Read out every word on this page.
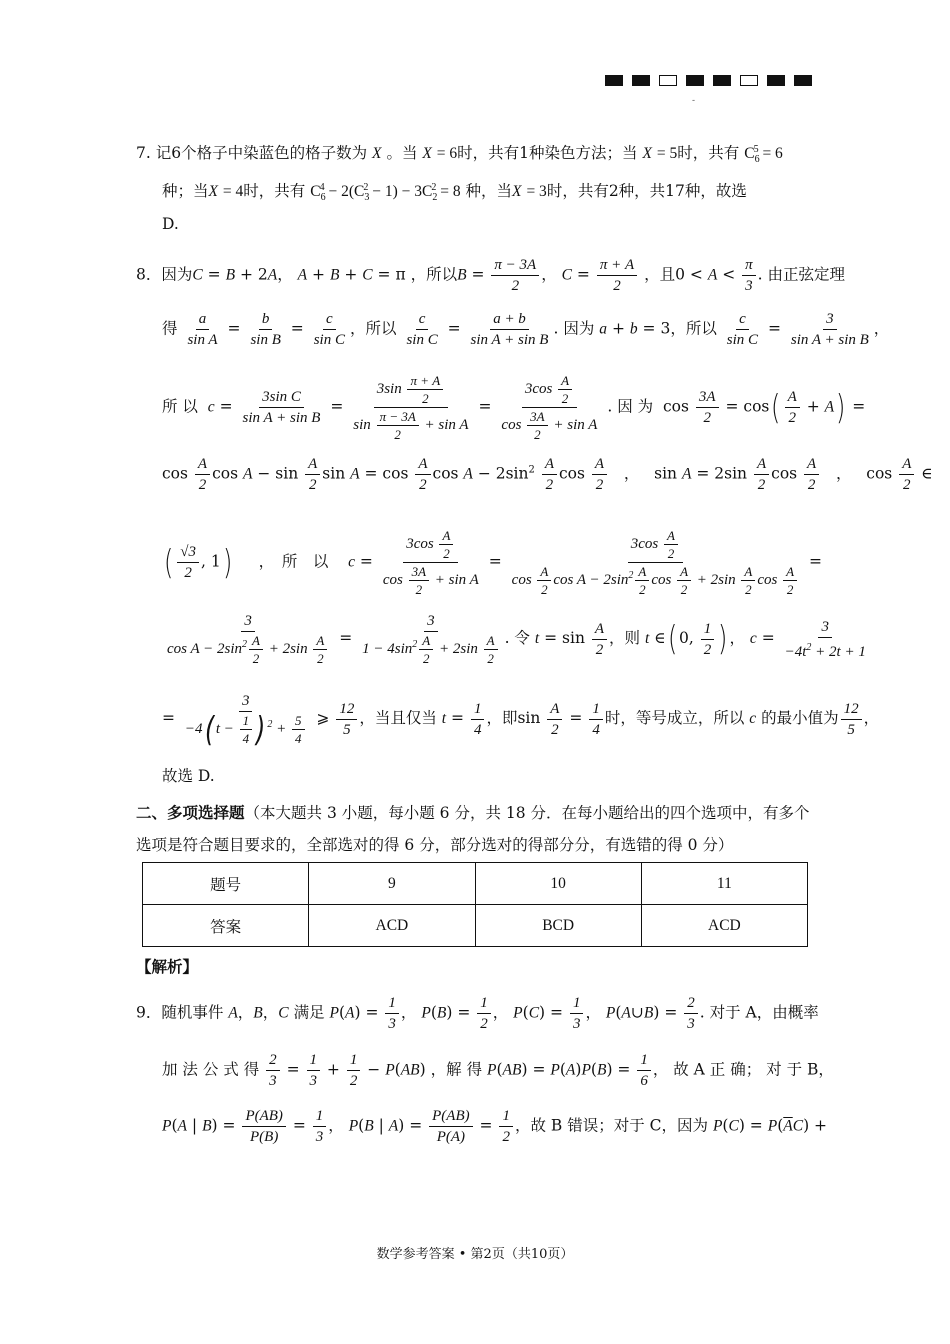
-
7. 记6个格子中染蓝色的格子数为 X 。当 X = 6时，共有1种染色方法；当 X = 5时，共有 $C_6^5 = 6$
种；当X = 4时，共有 $C_6^4 - 2(C_3^2 - 1) - 3C_2^2 = 8$ 种，当X = 3时，共有2种，共17种，故选
D.
8．因为C = B + 2A， A + B + C = π ，所以$B = \frac{\pi - 3A}{2}$ ， $C = \frac{\pi + A}{2}$ ，且$0 < A < \frac{\pi}{3}$ . 由正弦定理
得 $\frac{a}{\text{sin A}} = \frac{b}{\text{sin B}} = \frac{c}{\text{sin C}}$ ，所以 $\frac{c}{\text{sin C}} = \frac{a + b}{\text{sin A + sin B}}$ . 因为 a + b = 3，所以 $\frac{c}{\text{sin C}} = \frac{3}{\text{sin A + sin B}}$ ，
所 以 $c = \frac{\text{3sin C}}{\text{sin A + sin B}} = \frac{3\sin \frac{\pi + A}{2}}{\sin \frac{\pi - 3A}{2} + \sin A} = \frac{3\cos \frac{A}{2}}{\cos \frac{3A}{2} + \sin A}$ . 因 为  $\cos \frac{3A}{2} = \cos( \frac{A}{2} + A)$ =
$\cos \frac{A}{2}$ $\cos A - \sin \frac{A}{2}$ $\sin A = \cos \frac{A}{2}$ $\cos A - 2\sin^2 \frac{A}{2}$ $\cos \frac{A}{2}$ ，   $\sin A = 2\sin \frac{A}{2}$ $\cos \frac{A}{2}$ ，   $\cos \frac{A}{2}$ ∈
( $\frac{√3}{2}$ , 1) ，　所　以 $c = \frac{3\cos \frac{A}{2}}{\cos \frac{3A}{2} + \sin A} = \frac{3\cos \frac{A}{2}}{\cos \frac{A}{2} \cos A - 2\sin^2 \frac{A}{2} \cos \frac{A}{2} + 2\sin \frac{A}{2} \cos \frac{A}{2}}$ =
$\frac{3}{\cos A - 2\sin^2 \frac{A}{2} + 2\sin \frac{A}{2}} = \frac{3}{1 - 4\sin^2 \frac{A}{2} + 2\sin \frac{A}{2}}$ . 令 $t = \sin \frac{A}{2}$ ，则 t ∈( 0, $\frac{1}{2}$ ) ， $c = \frac{3}{-4t^2 + 2t + 1}$
= $\frac{3}{-4( t - \frac{1}{4} ) ^2 + \frac{5}{4}}$ ⩾ $\frac{12}{5}$ ，当且仅当 $t = \frac{1}{4}$ ，即$\sin \frac{A}{2} = \frac{1}{4}$ 时，等号成立，所以 c 的最小值为 $\frac{12}{5}$ ，
故选 D.
二、多项选择题（本大题共 3 小题，每小题 6 分，共 18 分．在每小题给出的四个选项中，有多个选项是符合题目要求的，全部选对的得 6 分，部分选对的得部分分，有选错的得 0 分）
题号	9	10	11
答案	ACD	BCD	ACD
【解析】
9．随机事件 A，B，C 满足 $P(A) = \frac{1}{3}$ ， $P(B) = \frac{1}{2}$ ， $P(C) = \frac{1}{3}$ ， P(A∪B) = $\frac{2}{3}$ . 对于 A，由概率
加 法 公 式 得 $\frac{2}{3} = \frac{1}{3} + \frac{1}{2} - P(AB)$ ，解 得 $P(AB) = P(A)P(B) = \frac{1}{6}$ ， 故 A 正 确； 对 于 B，
P(A | $B) = \frac{P(AB)}{P(B)} = \frac{1}{3}$ ， P(B | $A) = \frac{P(AB)}{P(A)} = \frac{1}{2}$ ，故 B 错误；对于 C，因为 $P(C) = P(\overline{A}C)$ +
数学参考答案 • 第2页（共10页）
